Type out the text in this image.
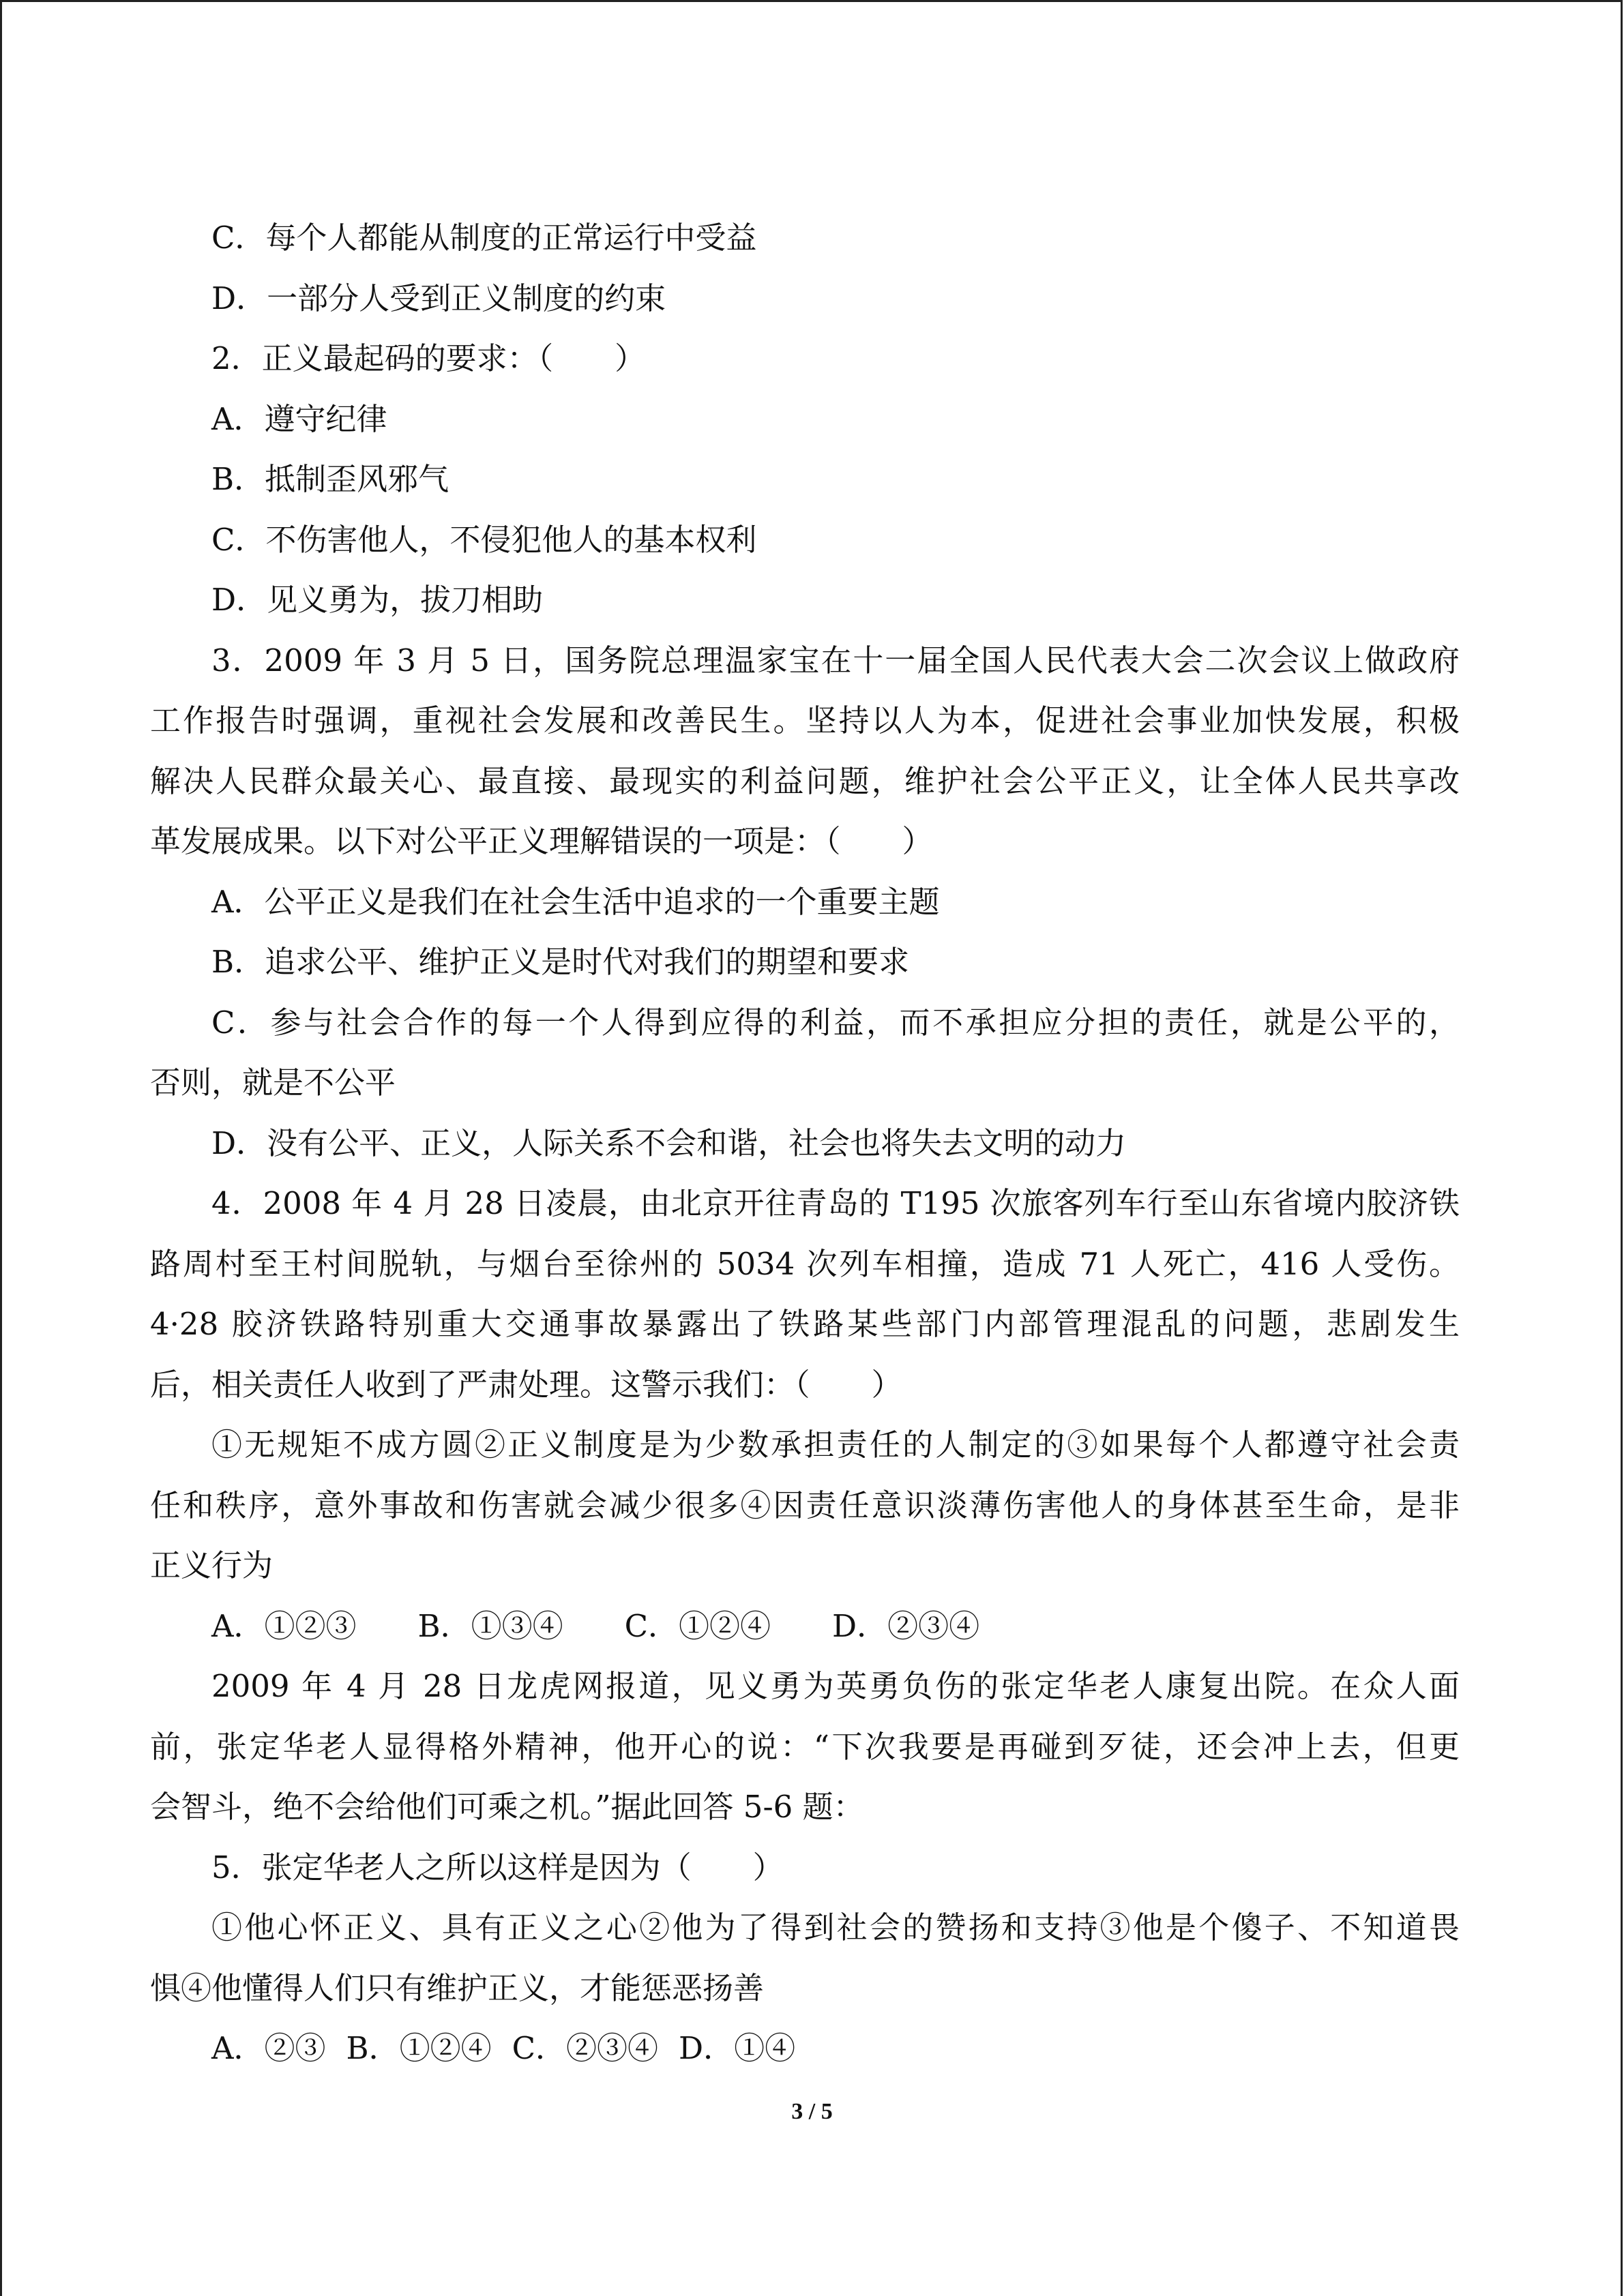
C．每个人都能从制度的正常运行中受益
D．一部分人受到正义制度的约束
2．正义最起码的要求：（　　）
A．遵守纪律
B．抵制歪风邪气
C．不伤害他人，不侵犯他人的基本权利
D．见义勇为，拔刀相助
3．2009 年 3 月 5 日，国务院总理温家宝在十一届全国人民代表大会二次会议上做政府
工作报告时强调，重视社会发展和改善民生。坚持以人为本，促进社会事业加快发展，积极
解决人民群众最关心、最直接、最现实的利益问题，维护社会公平正义，让全体人民共享改
革发展成果。以下对公平正义理解错误的一项是：（　　）
A．公平正义是我们在社会生活中追求的一个重要主题
B．追求公平、维护正义是时代对我们的期望和要求
C．参与社会合作的每一个人得到应得的利益，而不承担应分担的责任，就是公平的，
否则，就是不公平
D．没有公平、正义，人际关系不会和谐，社会也将失去文明的动力
4．2008 年 4 月 28 日凌晨，由北京开往青岛的 T195 次旅客列车行至山东省境内胶济铁
路周村至王村间脱轨，与烟台至徐州的 5034 次列车相撞，造成 71 人死亡，416 人受伤。
4·28 胶济铁路特别重大交通事故暴露出了铁路某些部门内部管理混乱的问题，悲剧发生
后，相关责任人收到了严肃处理。这警示我们：（　　）
①无规矩不成方圆②正义制度是为少数承担责任的人制定的③如果每个人都遵守社会责
任和秩序，意外事故和伤害就会减少很多④因责任意识淡薄伤害他人的身体甚至生命，是非
正义行为
A．①②③ B．①③④ C．①②④ D．②③④
2009 年 4 月 28 日龙虎网报道，见义勇为英勇负伤的张定华老人康复出院。在众人面
前，张定华老人显得格外精神，他开心的说：“下次我要是再碰到歹徒，还会冲上去，但更
会智斗，绝不会给他们可乘之机。”据此回答 5-6 题：
5．张定华老人之所以这样是因为（　　）
①他心怀正义、具有正义之心②他为了得到社会的赞扬和支持③他是个傻子、不知道畏
惧④他懂得人们只有维护正义，才能惩恶扬善
A．②③ B．①②④ C．②③④ D．①④
3 / 5
